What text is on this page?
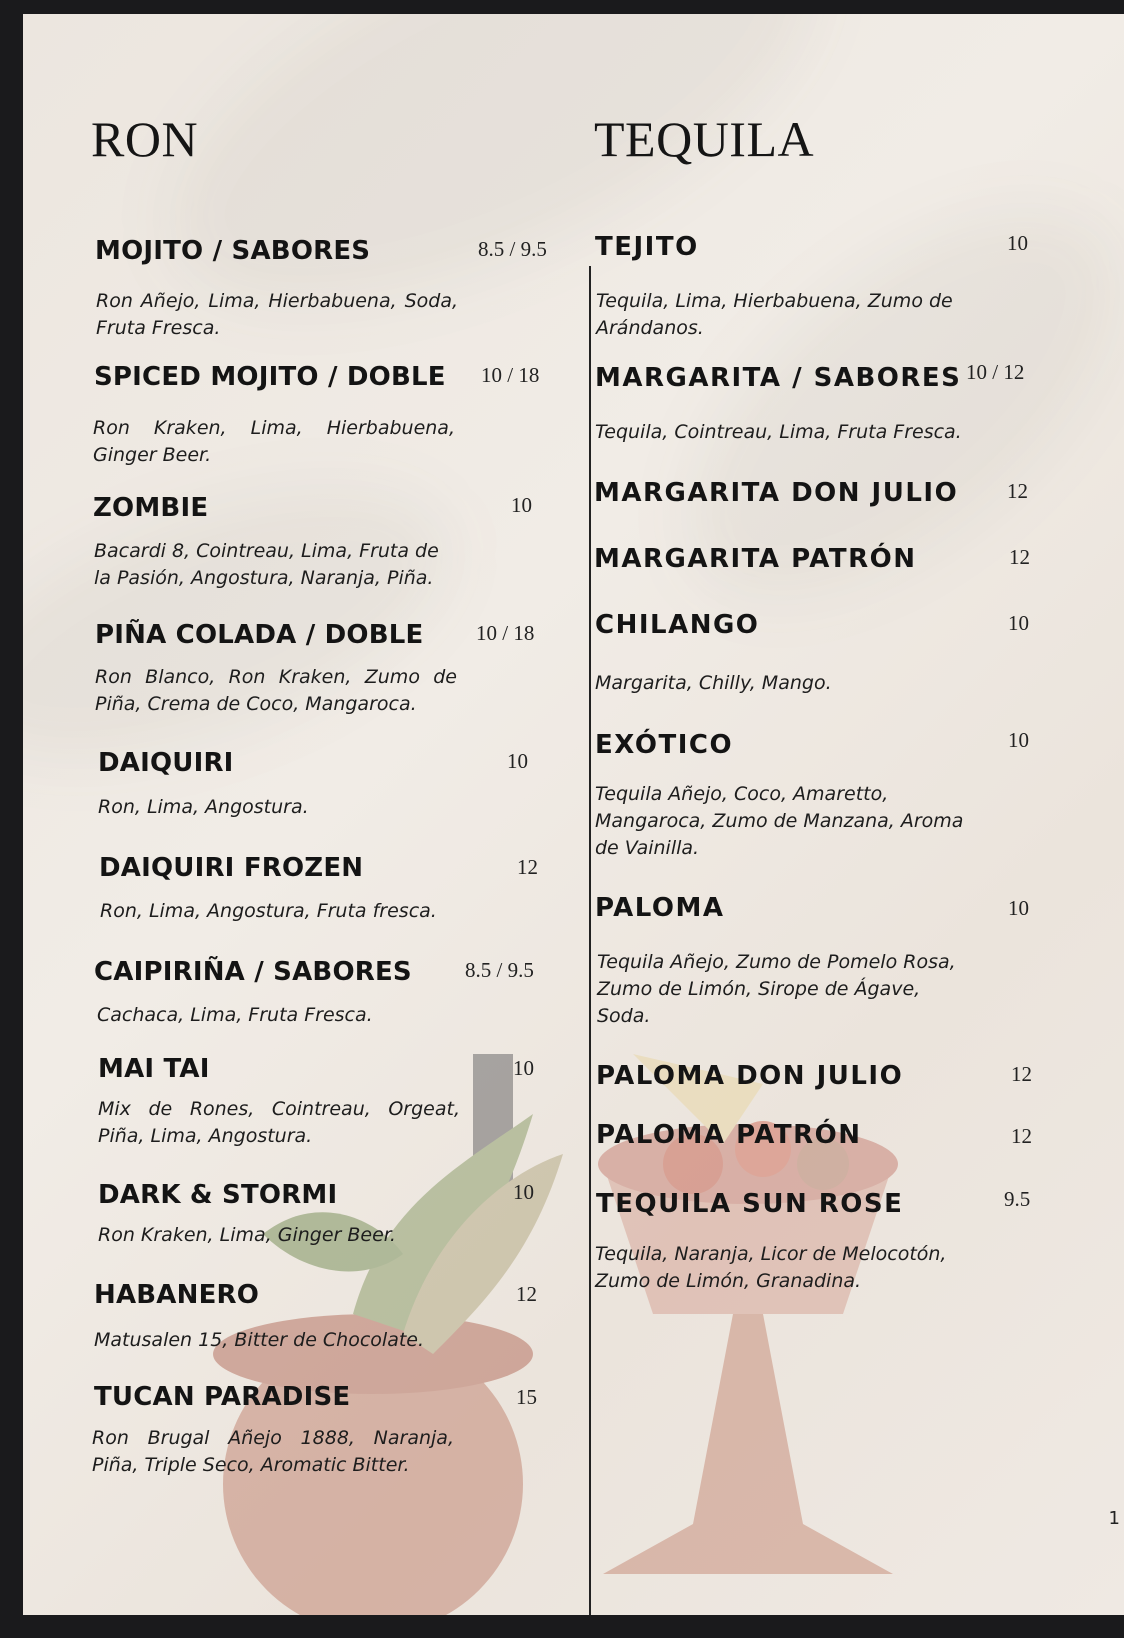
RON	TEQUILA
MOJITO / SABORES	8.5 / 9.5

Ron Añejo, Lima, Hierbabuena, Soda, Fruta Fresca.

SPICED MOJITO / DOBLE 10 / 18

Ron Kraken, Lima, Hierbabuena, Ginger Beer.

ZOMBIE	10

Bacardi 8, Cointreau, Lima, Fruta de la Pasión, Angostura, Naranja, Piña.

PIÑA COLADA / DOBLE	10 / 18

Ron Blanco, Ron Kraken, Zumo de Piña, Crema de Coco, Mangaroca.

DAIQUIRI	10

Ron, Lima, Angostura.

DAIQUIRI FROZEN	12

Ron, Lima, Angostura, Fruta fresca.

CAIPIRIÑA / SABORES	8.5 / 9.5

Cachaca, Lima, Fruta Fresca.

MAI TAI	10

Mix de Rones, Cointreau, Orgeat, Piña, Lima, Angostura.

DARK & STORMI	10

Ron Kraken, Lima, Ginger Beer.

HABANERO	12

Matusalen 15, Bitter de Chocolate.

TUCAN PARADISE	15

Ron Brugal Añejo 1888, Naranja, Piña, Triple Seco, Aromatic Bitter.

TEJITO	10

Tequila, Lima, Hierbabuena, Zumo de Arándanos.

MARGARITA / SABORES 10 / 12

Tequila, Cointreau, Lima, Fruta Fresca.

MARGARITA DON JULIO 12
MARGARITA PATRÓN	12
CHILANGO	10

Margarita, Chilly, Mango.

EXÓTICO	10

Tequila Añejo, Coco, Amaretto, Mangaroca, Zumo de Manzana, Aroma de Vainilla.

PALOMA	10

Tequila Añejo, Zumo de Pomelo Rosa, Zumo de Limón, Sirope de Ágave, Soda.

PALOMA DON JULIO	12
PALOMA PATRÓN	12
TEQUILA SUN ROSE	9.5

Tequila, Naranja, Licor de Melocotón, Zumo de Limón, Granadina.

1
